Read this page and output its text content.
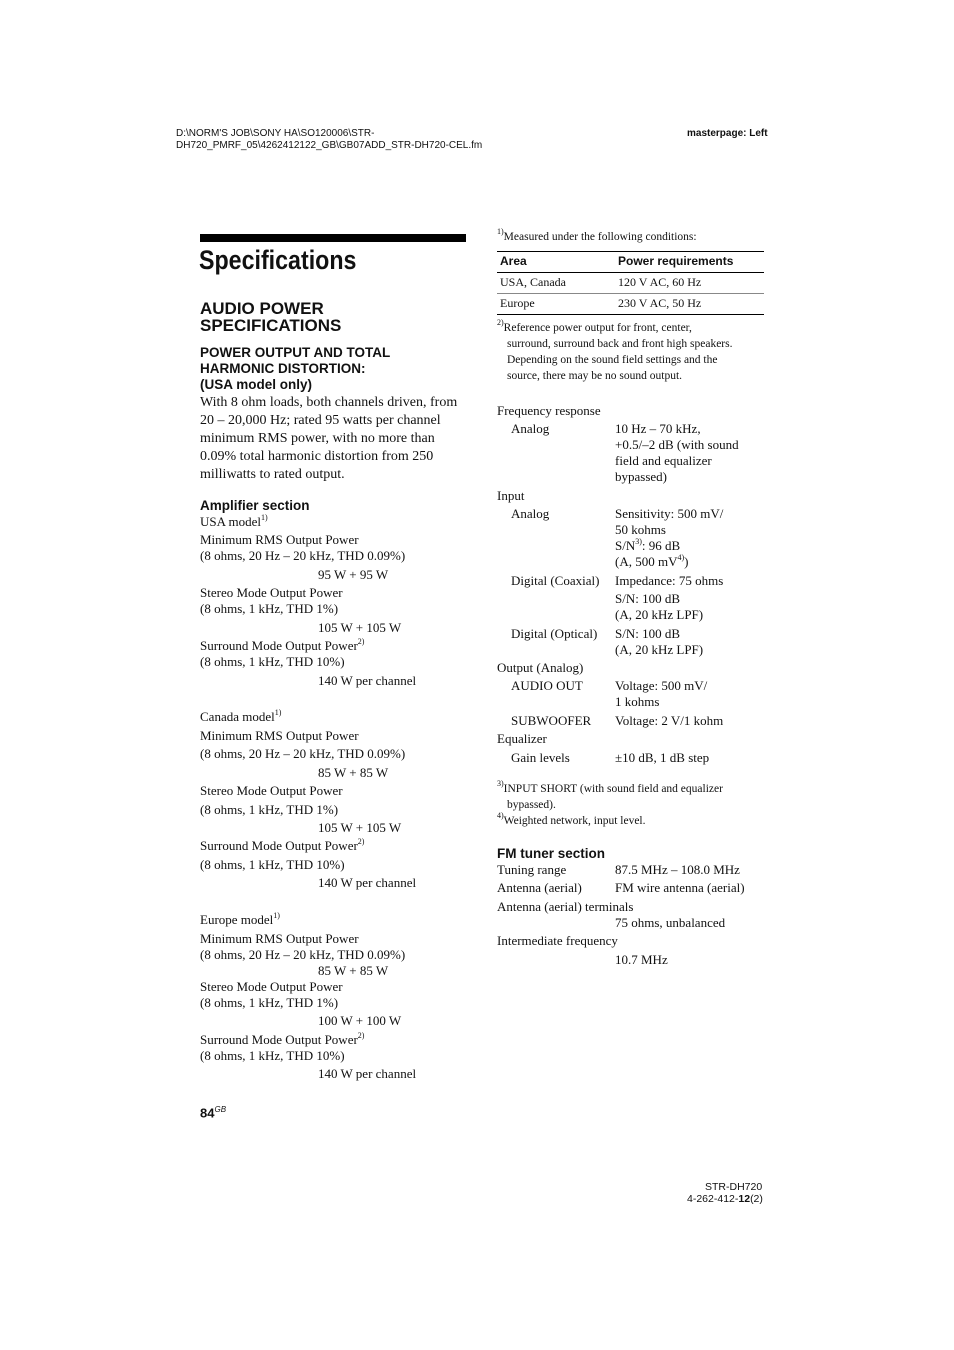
D:\NORM'S JOB\SONY HA\SO120006\STR-
DH720_PMRF_05\4262412122_GB\GB07ADD_STR-DH720-CEL.fm
masterpage: Left
Specifications
AUDIO POWER
SPECIFICATIONS
POWER OUTPUT AND TOTAL
HARMONIC DISTORTION:
(USA model only)
With 8 ohm loads, both channels driven, from
20 – 20,000 Hz; rated 95 watts per channel
minimum RMS power, with no more than
0.09% total harmonic distortion from 250
milliwatts to rated output.
Amplifier section
USA model$^{1)}$
Minimum RMS Output Power
(8 ohms, 20 Hz – 20 kHz, THD 0.09%)
95 W + 95 W
Stereo Mode Output Power
(8 ohms, 1 kHz, THD 1%)
105 W + 105 W
Surround Mode Output Power$^{2)}$
(8 ohms, 1 kHz, THD 10%)
140 W per channel
Canada model$^{1)}$
Minimum RMS Output Power
(8 ohms, 20 Hz – 20 kHz, THD 0.09%)
85 W + 85 W
Stereo Mode Output Power
(8 ohms, 1 kHz, THD 1%)
105 W + 105 W
Surround Mode Output Power$^{2)}$
(8 ohms, 1 kHz, THD 10%)
140 W per channel
Europe model$^{1)}$
Minimum RMS Output Power
(8 ohms, 20 Hz – 20 kHz, THD 0.09%)
85 W + 85 W
Stereo Mode Output Power
(8 ohms, 1 kHz, THD 1%)
100 W + 100 W
Surround Mode Output Power$^{2)}$
(8 ohms, 1 kHz, THD 10%)
140 W per channel
$84^{GB}$
$^{1)}$Measured under the following conditions:
Area	Power requirements
USA, Canada	120 V AC, 60 Hz
Europe	230 V AC, 50 Hz
$^{2)}$Reference power output for front, center,
surround, surround back and front high speakers.
Depending on the sound field settings and the
source, there may be no sound output.
Frequency response
Analog	10 Hz – 70 kHz,
+0.5/–2 dB (with sound
field and equalizer
bypassed)
Input
Analog	Sensitivity: 500 mV/
50 kohms
$S/N^{3)}$: 96 dB
(A, 500 $mV^{4)}$)
Digital (Coaxial) Impedance: 75 ohms
S/N: 100 dB
(A, 20 kHz LPF)
Digital (Optical) S/N: 100 dB
(A, 20 kHz LPF)
Output (Analog)
AUDIO OUT Voltage: 500 mV/
1 kohms
SUBWOOFER Voltage: 2 V/1 kohm
Equalizer
Gain levels	±10 dB, 1 dB step
$^{3)}$INPUT SHORT (with sound field and equalizer
bypassed).
$^{4)}$Weighted network, input level.
FM tuner section
Tuning range	87.5 MHz – 108.0 MHz
Antenna (aerial)	FM wire antenna (aerial)
Antenna (aerial) terminals
75 ohms, unbalanced
Intermediate frequency
10.7 MHz
STR-DH720
4-262-412-12(2)
